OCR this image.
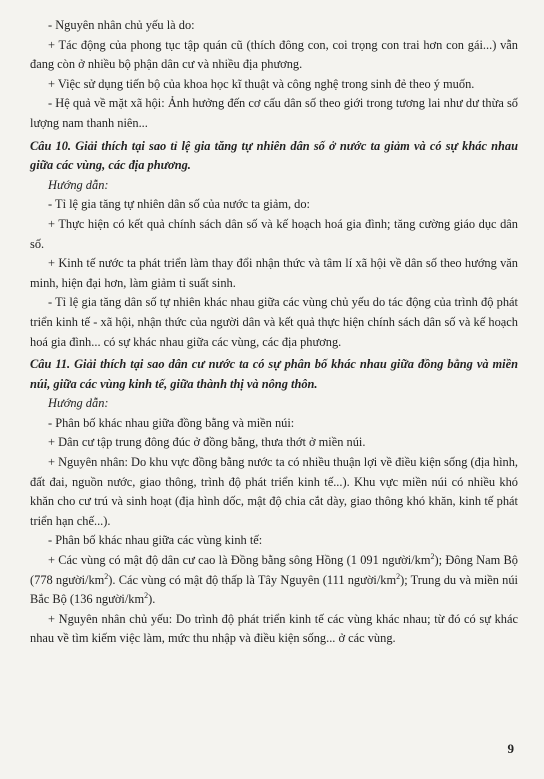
- Nguyên nhân chủ yếu là do:

+ Tác động của phong tục tập quán cũ (thích đông con, coi trọng con trai hơn con gái...) vẫn đang còn ở nhiều bộ phận dân cư và nhiều địa phương.

+ Việc sử dụng tiến bộ của khoa học kĩ thuật và công nghệ trong sinh đẻ theo ý muốn.

- Hệ quả về mặt xã hội: Ảnh hưởng đến cơ cấu dân số theo giới trong tương lai như dư thừa số lượng nam thanh niên...

Câu 10. Giải thích tại sao tỉ lệ gia tăng tự nhiên dân số ở nước ta giảm và có sự khác nhau giữa các vùng, các địa phương.

Hướng dẫn:

- Tỉ lệ gia tăng tự nhiên dân số của nước ta giảm, do:

+ Thực hiện có kết quả chính sách dân số và kế hoạch hoá gia đình; tăng cường giáo dục dân số.

+ Kinh tế nước ta phát triển làm thay đổi nhận thức và tâm lí xã hội về dân số theo hướng văn minh, hiện đại hơn, làm giảm tỉ suất sinh.

- Tỉ lệ gia tăng dân số tự nhiên khác nhau giữa các vùng chủ yếu do tác động của trình độ phát triển kinh tế - xã hội, nhận thức của người dân và kết quả thực hiện chính sách dân số và kế hoạch hoá gia đình... có sự khác nhau giữa các vùng, các địa phương.

Câu 11. Giải thích tại sao dân cư nước ta có sự phân bố khác nhau giữa đồng bằng và miền núi, giữa các vùng kinh tế, giữa thành thị và nông thôn.

Hướng dẫn:

- Phân bố khác nhau giữa đồng bằng và miền núi:

+ Dân cư tập trung đông đúc ở đồng bằng, thưa thớt ở miền núi.

+ Nguyên nhân: Do khu vực đồng bằng nước ta có nhiều thuận lợi về điều kiện sống (địa hình, đất đai, nguồn nước, giao thông, trình độ phát triển kinh tế...). Khu vực miền núi có nhiều khó khăn cho cư trú và sinh hoạt (địa hình dốc, mật độ chia cắt dày, giao thông khó khăn, kinh tế phát triển hạn chế...).

- Phân bố khác nhau giữa các vùng kinh tế:

+ Các vùng có mật độ dân cư cao là Đồng bằng sông Hồng (1 091 người/$km^2$); Đông Nam Bộ (778 người/$km^2$). Các vùng có mật độ thấp là Tây Nguyên (111 người/$km^2$); Trung du và miền núi Bắc Bộ (136 người/$km^2$).

+ Nguyên nhân chủ yếu: Do trình độ phát triển kinh tế các vùng khác nhau; từ đó có sự khác nhau về tìm kiếm việc làm, mức thu nhập và điều kiện sống... ở các vùng.

9
